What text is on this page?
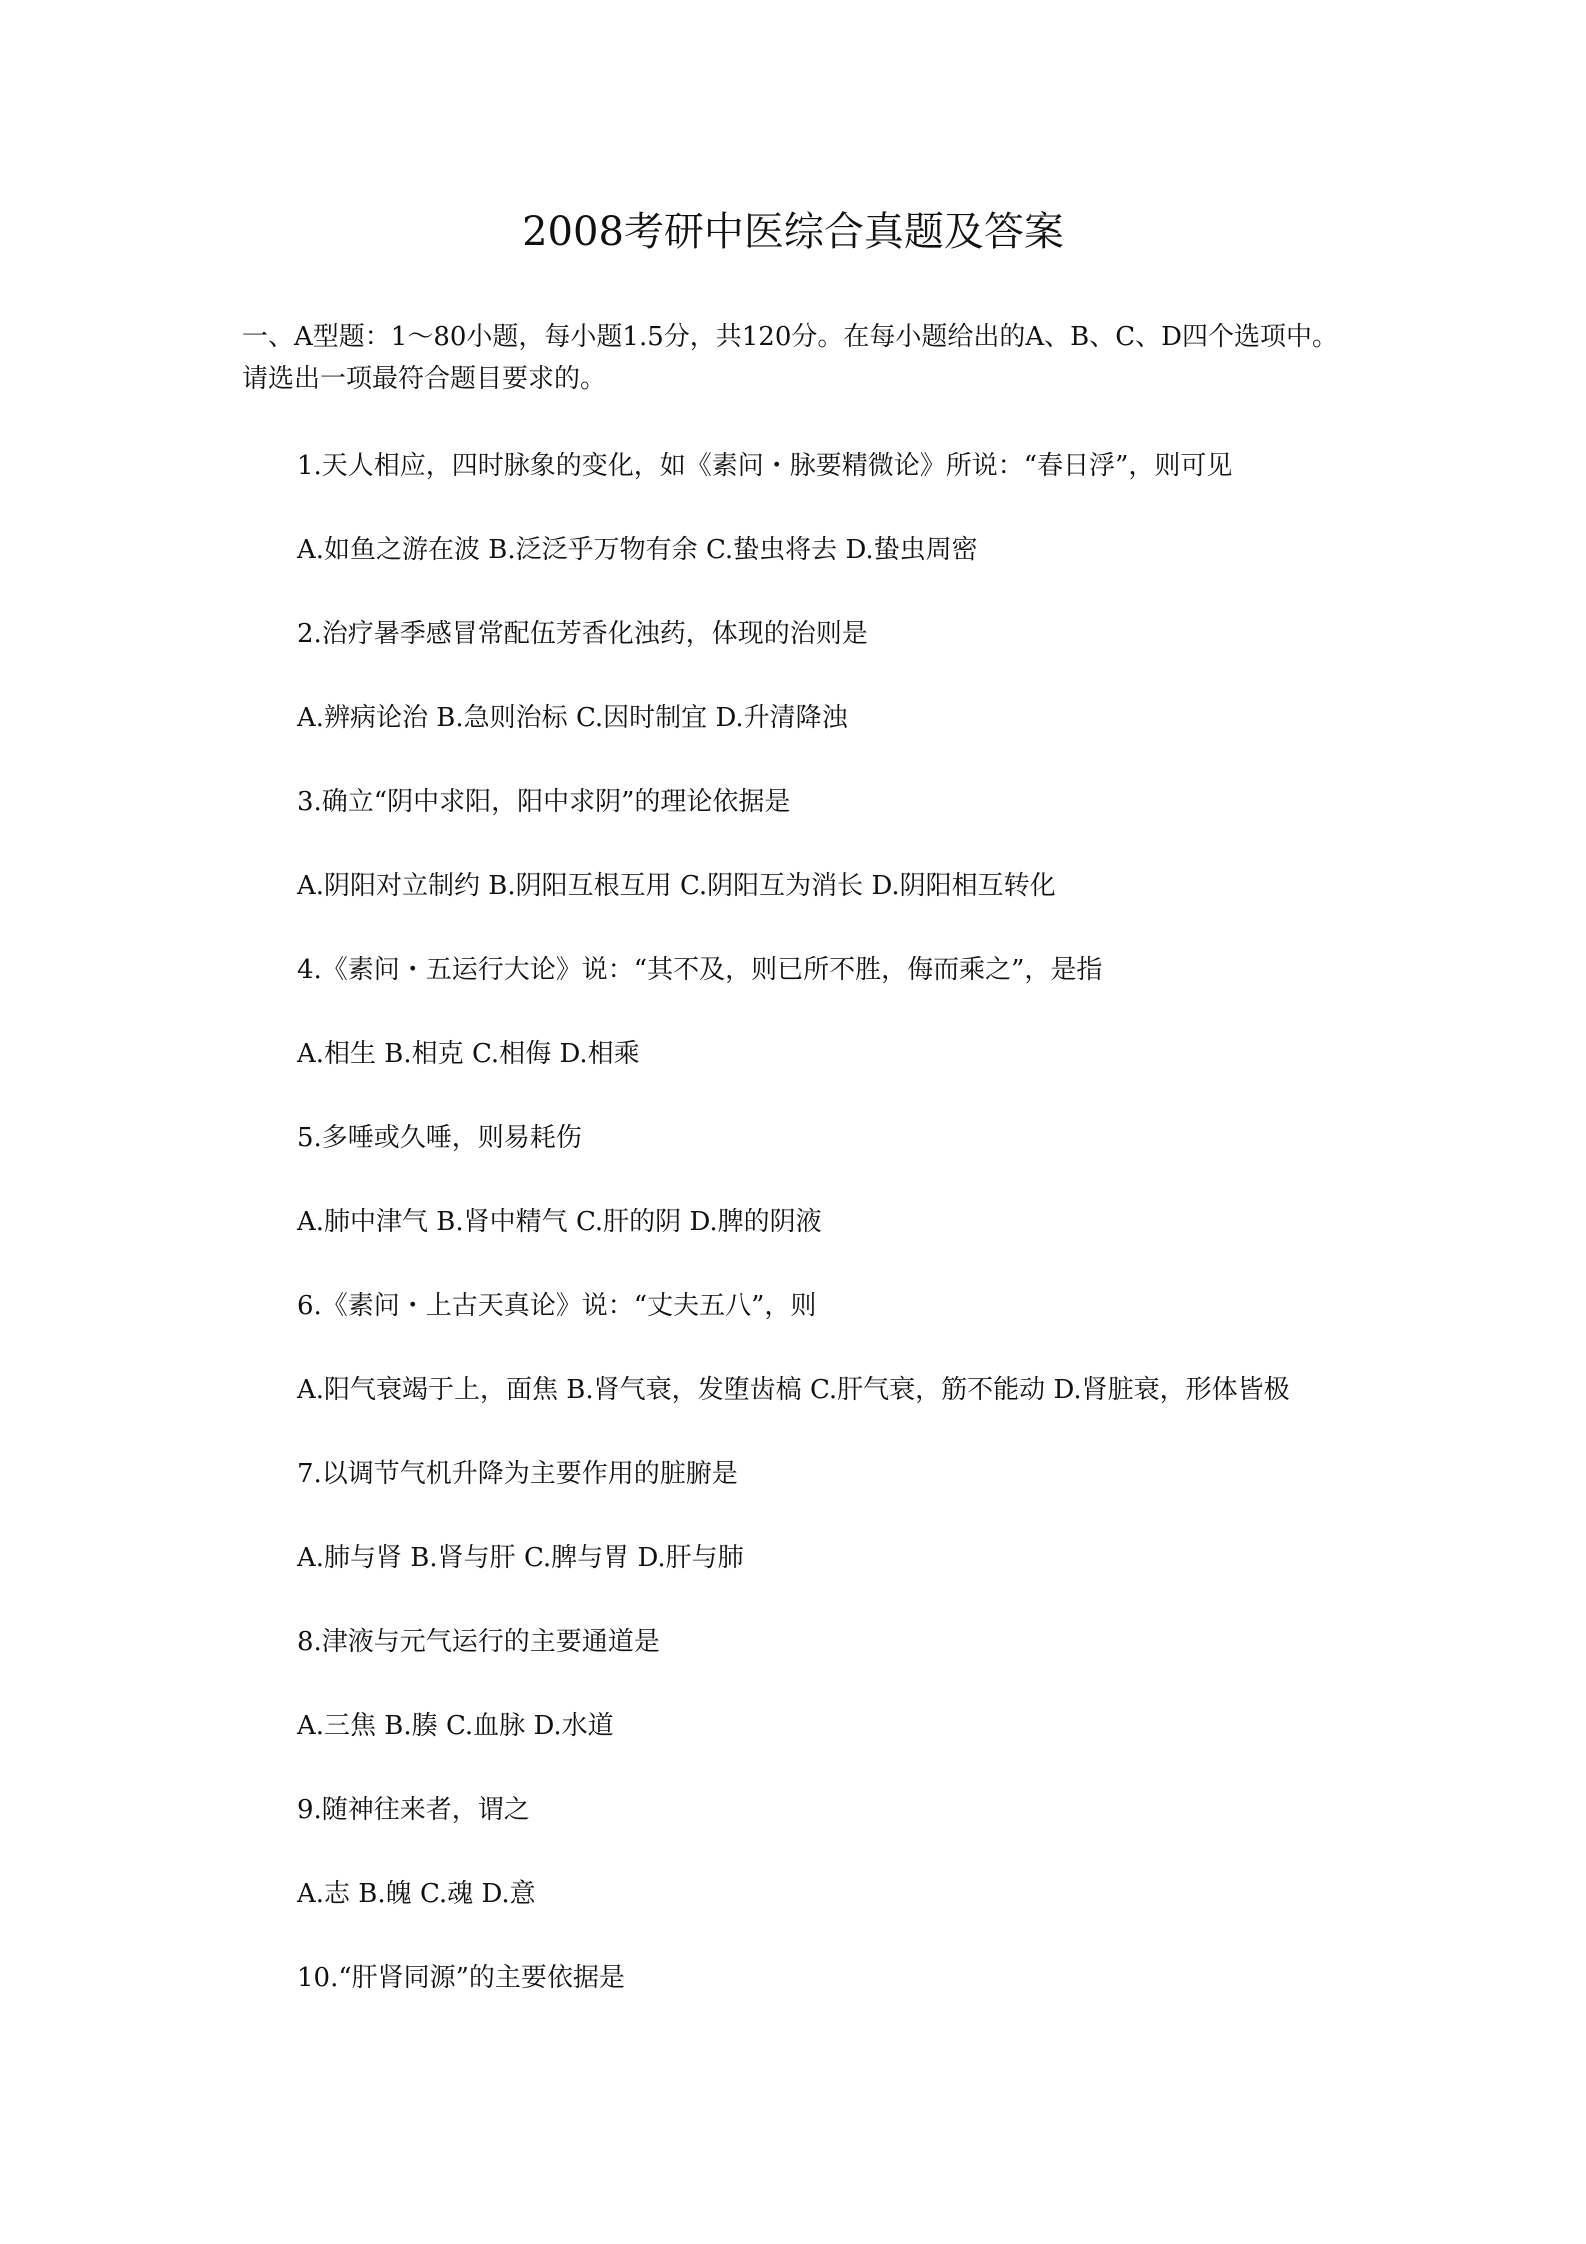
2008考研中医综合真题及答案

一、A型题：1～80小题，每小题1.5分，共120分。在每小题给出的A、B、C、D四个选项中。请选出一项最符合题目要求的。

1.天人相应，四时脉象的变化，如《素问・脉要精微论》所说：“春日浮”，则可见
A.如鱼之游在波 B.泛泛乎万物有余 C.蛰虫将去 D.蛰虫周密
2.治疗暑季感冒常配伍芳香化浊药，体现的治则是
A.辨病论治 B.急则治标 C.因时制宜 D.升清降浊
3.确立“阴中求阳，阳中求阴”的理论依据是
A.阴阳对立制约 B.阴阳互根互用 C.阴阳互为消长 D.阴阳相互转化
4.《素问・五运行大论》说：“其不及，则已所不胜，侮而乘之”，是指
A.相生 B.相克 C.相侮 D.相乘
5.多唾或久唾，则易耗伤
A.肺中津气 B.肾中精气 C.肝的阴 D.脾的阴液
6.《素问・上古天真论》说：“丈夫五八”，则
A.阳气衰竭于上，面焦 B.肾气衰，发堕齿槁 C.肝气衰，筋不能动 D.肾脏衰，形体皆极
7.以调节气机升降为主要作用的脏腑是
A.肺与肾 B.肾与肝 C.脾与胃 D.肝与肺
8.津液与元气运行的主要通道是
A.三焦 B.腠 C.血脉 D.水道
9.随神往来者，谓之
A.志 B.魄 C.魂 D.意
10.“肝肾同源”的主要依据是
